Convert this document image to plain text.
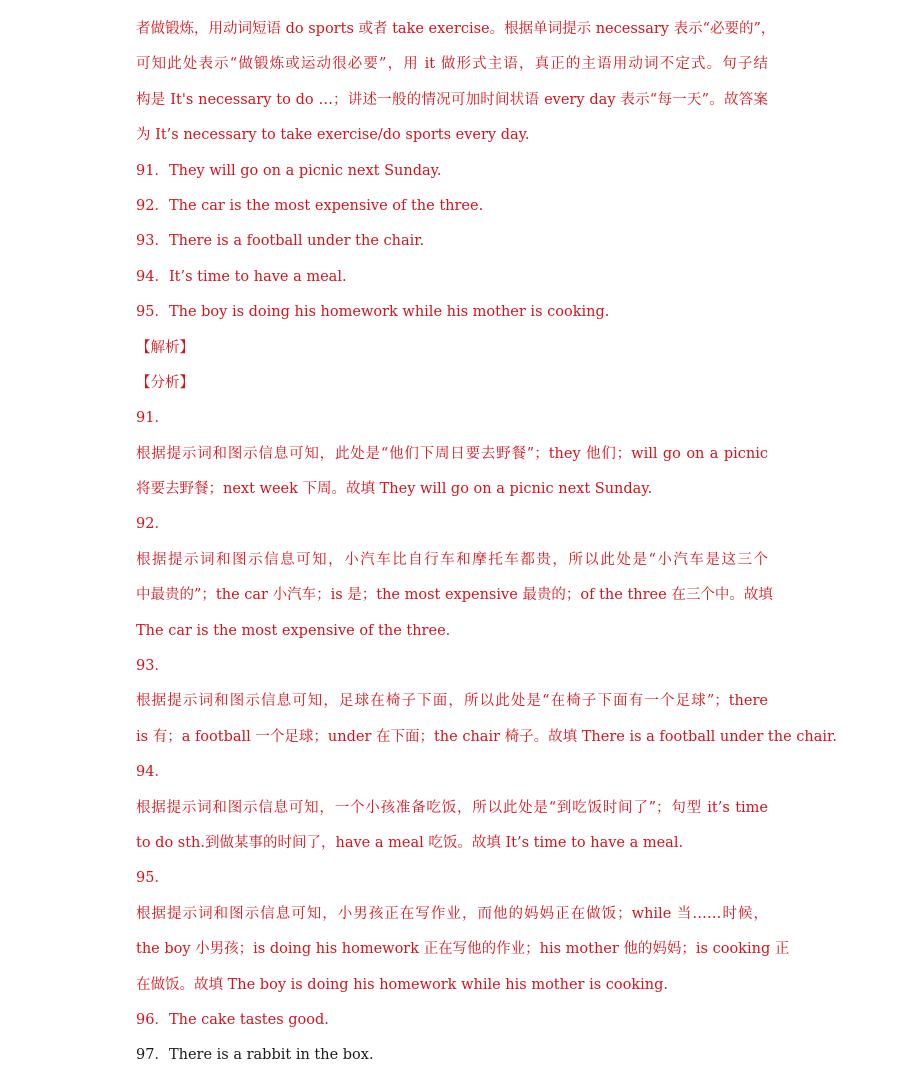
者做锻炼，用动词短语 do sports 或者 take exercise。根据单词提示 necessary 表示“必要的”，
可知此处表示“做锻炼或运动很必要”，用 it 做形式主语，真正的主语用动词不定式。句子结
构是 It's necessary to do …；讲述一般的情况可加时间状语 every day 表示“每一天”。故答案
为 It’s necessary to take exercise/do sports every day.
91．They will go on a picnic next Sunday.
92．The car is the most expensive of the three.
93．There is a football under the chair.
94．It’s time to have a meal.
95．The boy is doing his homework while his mother is cooking.
【解析】
【分析】
91．
根据提示词和图示信息可知，此处是“他们下周日要去野餐”；they 他们；will go on a picnic
将要去野餐；next week 下周。故填 They will go on a picnic next Sunday.
92．
根据提示词和图示信息可知，小汽车比自行车和摩托车都贵，所以此处是“小汽车是这三个
中最贵的”；the car 小汽车；is 是；the most expensive 最贵的；of the three 在三个中。故填
The car is the most expensive of the three.
93．
根据提示词和图示信息可知，足球在椅子下面，所以此处是“在椅子下面有一个足球”；there
is 有；a football 一个足球；under 在下面；the chair 椅子。故填 There is a football under the chair.
94．
根据提示词和图示信息可知，一个小孩准备吃饭，所以此处是“到吃饭时间了”；句型 it’s time
to do sth.到做某事的时间了，have a meal 吃饭。故填 It’s time to have a meal.
95．
根据提示词和图示信息可知，小男孩正在写作业，而他的妈妈正在做饭；while 当……时候，
the boy 小男孩；is doing his homework 正在写他的作业；his mother 他的妈妈；is cooking 正
在做饭。故填 The boy is doing his homework while his mother is cooking.
96．The cake tastes good.
97．There is a rabbit in the box.
